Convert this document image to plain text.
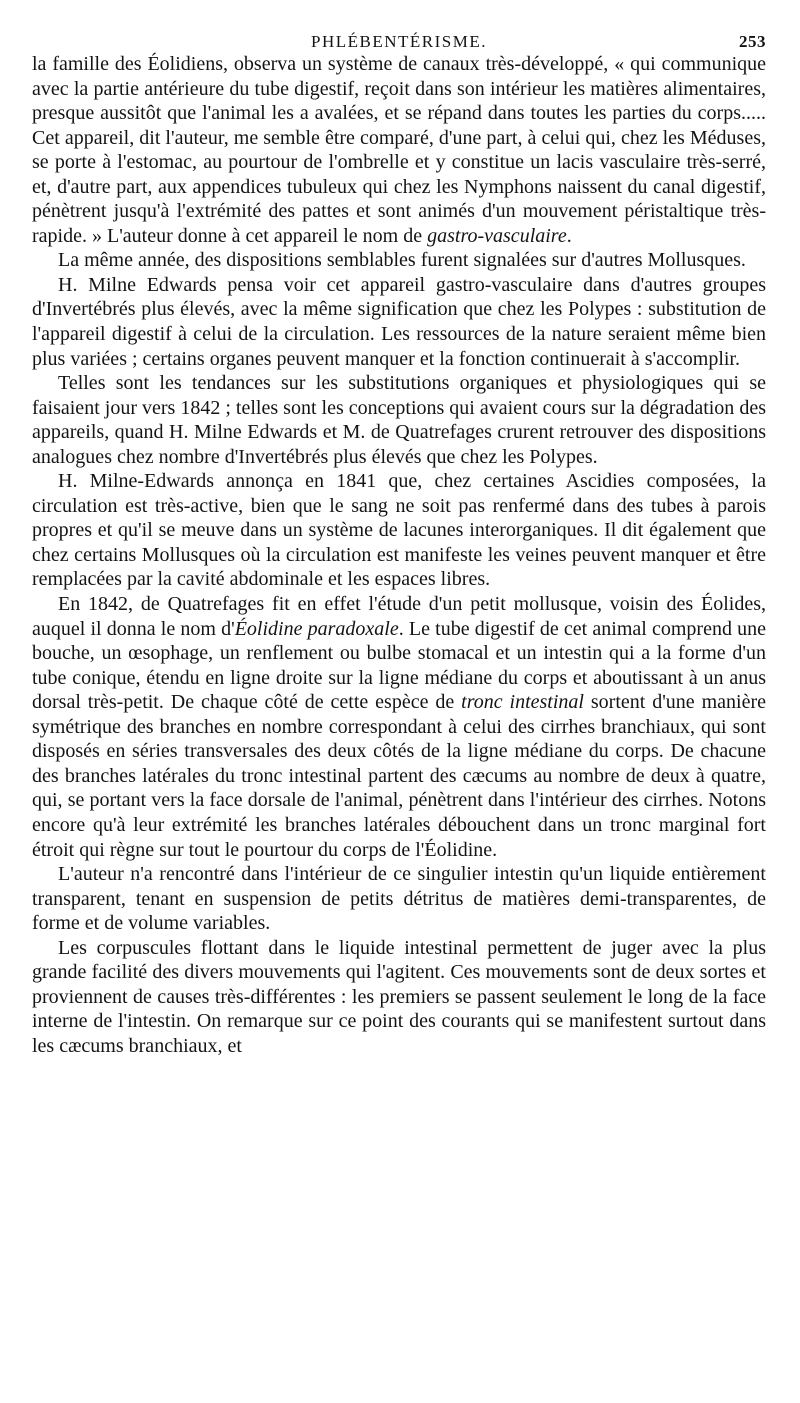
PHLÉBENTÉRISME.	253

la famille des Éolidiens, observa un système de canaux très-développé, « qui communique avec la partie antérieure du tube digestif, reçoit dans son intérieur les matières alimentaires, presque aussitôt que l'animal les a avalées, et se répand dans toutes les parties du corps..... Cet appareil, dit l'auteur, me semble être comparé, d'une part, à celui qui, chez les Méduses, se porte à l'estomac, au pourtour de l'ombrelle et y constitue un lacis vasculaire très-serré, et, d'autre part, aux appendices tubuleux qui chez les Nymphons naissent du canal digestif, pénètrent jusqu'à l'extrémité des pattes et sont animés d'un mouvement péristaltique très-rapide. » L'auteur donne à cet appareil le nom de gastro-vasculaire.

La même année, des dispositions semblables furent signalées sur d'autres Mollusques.

H. Milne Edwards pensa voir cet appareil gastro-vasculaire dans d'autres groupes d'Invertébrés plus élevés, avec la même signification que chez les Polypes : substitution de l'appareil digestif à celui de la circulation. Les ressources de la nature seraient même bien plus variées ; certains organes peuvent manquer et la fonction continuerait à s'accomplir.

Telles sont les tendances sur les substitutions organiques et physiologiques qui se faisaient jour vers 1842 ; telles sont les conceptions qui avaient cours sur la dégradation des appareils, quand H. Milne Edwards et M. de Quatrefages crurent retrouver des dispositions analogues chez nombre d'Invertébrés plus élevés que chez les Polypes.

H. Milne-Edwards annonça en 1841 que, chez certaines Ascidies composées, la circulation est très-active, bien que le sang ne soit pas renfermé dans des tubes à parois propres et qu'il se meuve dans un système de lacunes interorganiques. Il dit également que chez certains Mollusques où la circulation est manifeste les veines peuvent manquer et être remplacées par la cavité abdominale et les espaces libres.

En 1842, de Quatrefages fit en effet l'étude d'un petit mollusque, voisin des Éolides, auquel il donna le nom d'Éolidine paradoxale. Le tube digestif de cet animal comprend une bouche, un œsophage, un renflement ou bulbe stomacal et un intestin qui a la forme d'un tube conique, étendu en ligne droite sur la ligne médiane du corps et aboutissant à un anus dorsal très-petit. De chaque côté de cette espèce de tronc intestinal sortent d'une manière symétrique des branches en nombre correspondant à celui des cirrhes branchiaux, qui sont disposés en séries transversales des deux côtés de la ligne médiane du corps. De chacune des branches latérales du tronc intestinal partent des cæcums au nombre de deux à quatre, qui, se portant vers la face dorsale de l'animal, pénètrent dans l'intérieur des cirrhes. Notons encore qu'à leur extrémité les branches latérales débouchent dans un tronc marginal fort étroit qui règne sur tout le pourtour du corps de l'Éolidine.

L'auteur n'a rencontré dans l'intérieur de ce singulier intestin qu'un liquide entièrement transparent, tenant en suspension de petits détritus de matières demi-transparentes, de forme et de volume variables.

Les corpuscules flottant dans le liquide intestinal permettent de juger avec la plus grande facilité des divers mouvements qui l'agitent. Ces mouvements sont de deux sortes et proviennent de causes très-différentes : les premiers se passent seulement le long de la face interne de l'intestin. On remarque sur ce point des courants qui se manifestent surtout dans les cæcums branchiaux, et
